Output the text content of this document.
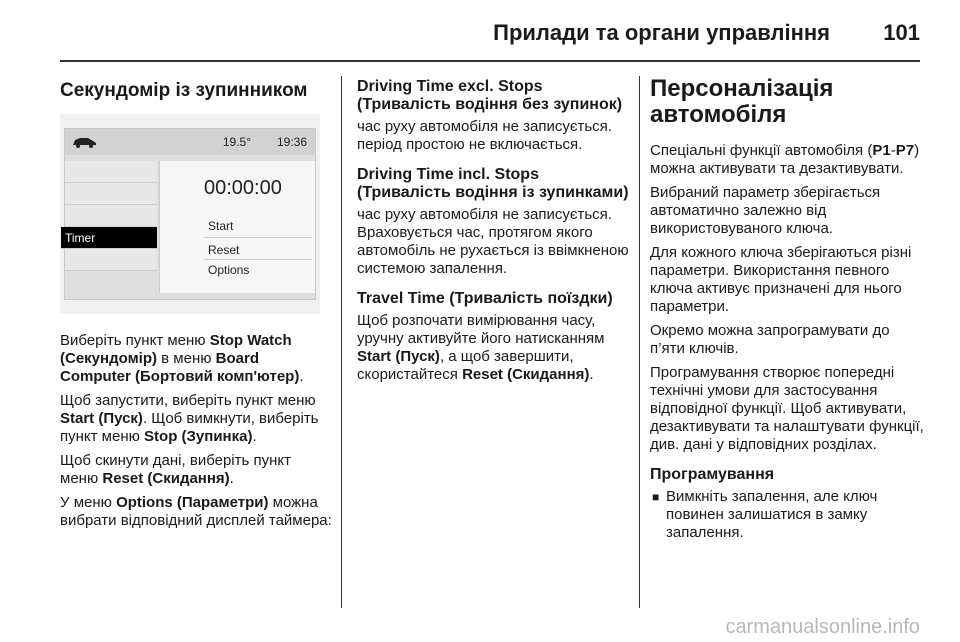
Прилади та органи управління 101
Секундомір із зупинником
19.5° 19:36
Timer
00:00:00
Start
Reset
Options

Виберіть пункт меню Stop Watch (Секундомір) в меню Board Computer (Бортовий комп'ютер).

Щоб запустити, виберіть пункт меню Start (Пуск). Щоб вимкнути, виберіть пункт меню Stop (Зупинка).

Щоб скинути дані, виберіть пункт меню Reset (Скидання).

У меню Options (Параметри) можна вибрати відповідний дисплей таймера:

Driving Time excl. Stops (Тривалість водіння без зупинок)

час руху автомобіля не записується. період простою не включається.

Driving Time incl. Stops (Тривалість водіння із зупинками)

час руху автомобіля не записується. Враховується час, протягом якого автомобіль не рухається із ввімкненою системою запалення.

Travel Time (Тривалість поїздки)

Щоб розпочати вимірювання часу, уручну активуйте його натисканням Start (Пуск), а щоб завершити, скористайтеся Reset (Скидання).

Персоналізація автомобіля

Спеціальні функції автомобіля (P1-P7) можна активувати та дезактивувати.

Вибраний параметр зберігається автоматично залежно від використовуваного ключа.

Для кожного ключа зберігаються різні параметри. Використання певного ключа активує призначені для нього параметри.

Окремо можна запрограмувати до п’яти ключів.

Програмування створює попередні технічні умови для застосування відповідної функції. Щоб активувати, дезактивувати та налаштувати функції, див. дані у відповідних розділах.

Програмування
■ Вимкніть запалення, але ключ повинен залишатися в замку запалення.
carmanualsonline.info
